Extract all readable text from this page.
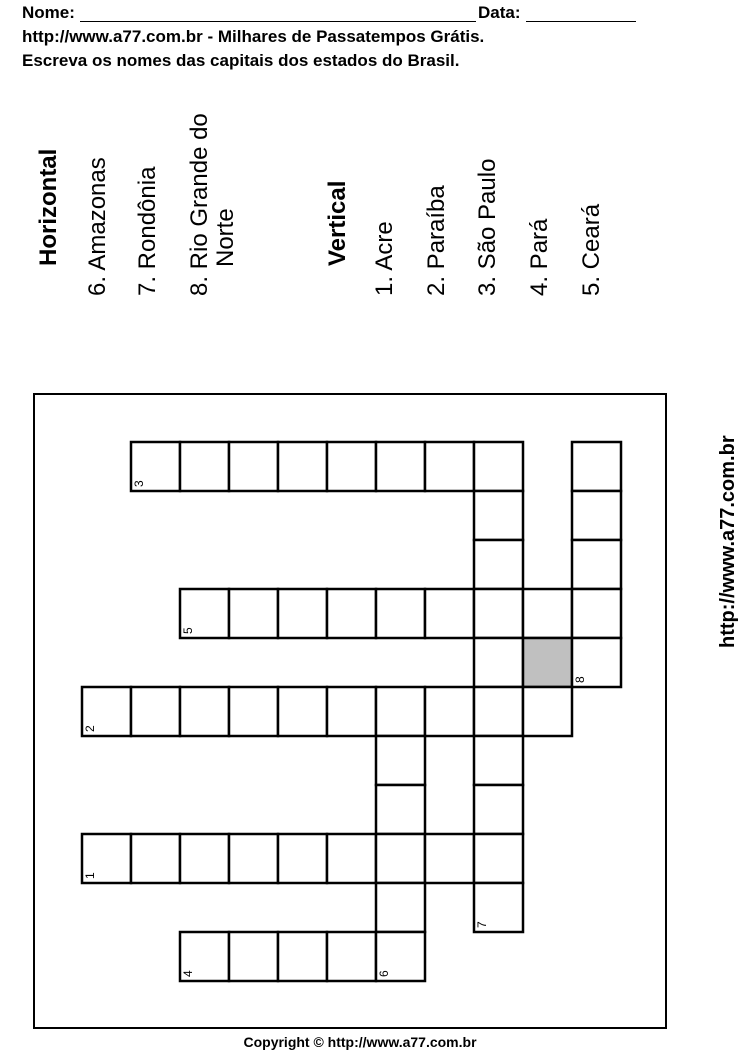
Nome:	Data:
http://www.a77.com.br - Milhares de Passatempos Grátis.
Escreva os nomes das capitais dos estados do Brasil.
Horizontal 6. Amazonas 7. Rondônia 8. Rio Grande do Norte	Vertical 1. Acre 2. Paraíba 3. São Paulo 4. Pará 5. Ceará
3
5
8
2
1
7
4	6
http://www.a77.com.br
Copyright © http://www.a77.com.br
